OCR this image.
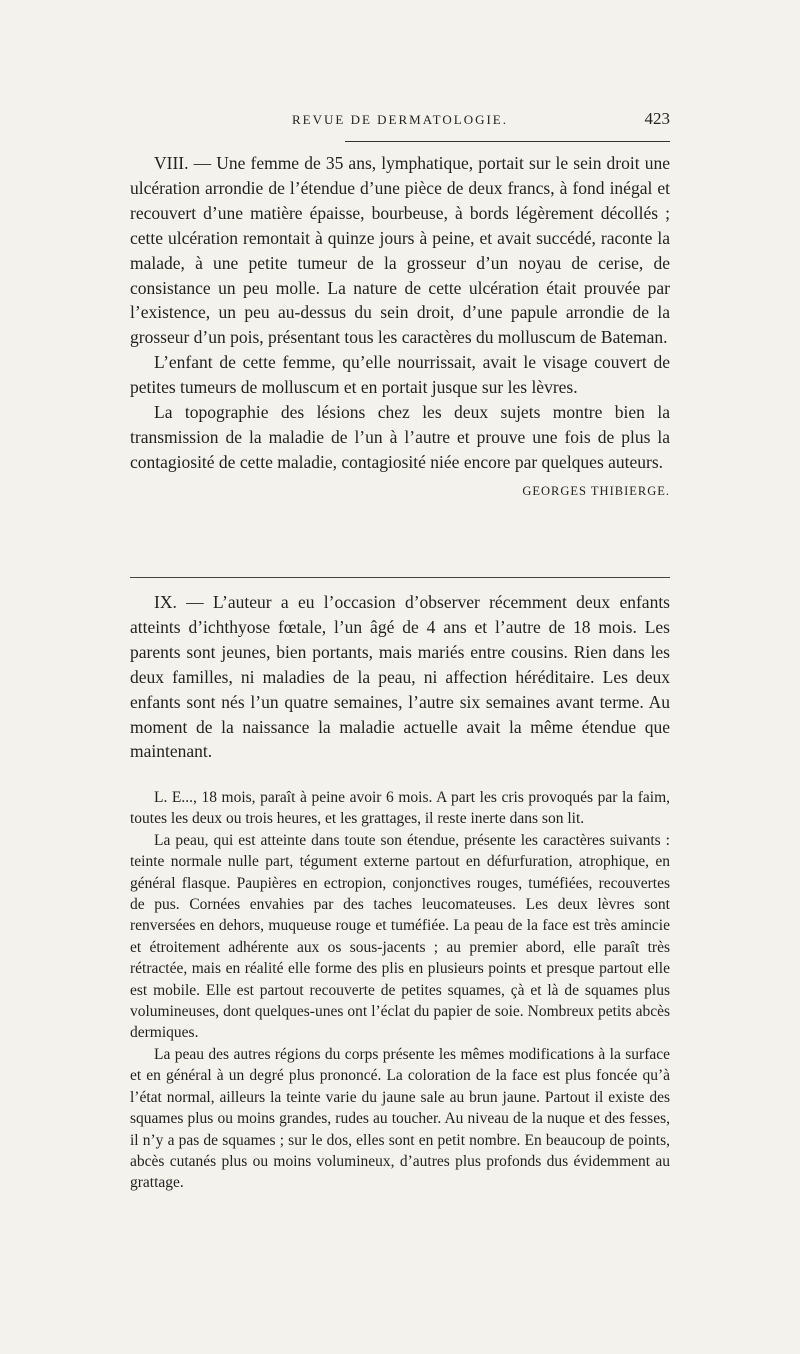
REVUE DE DERMATOLOGIE.	423

VIII. — Une femme de 35 ans, lymphatique, portait sur le sein droit une ulcération arrondie de l’étendue d’une pièce de deux francs, à fond inégal et recouvert d’une matière épaisse, bourbeuse, à bords légèrement décollés ; cette ulcération remontait à quinze jours à peine, et avait succédé, raconte la malade, à une petite tumeur de la grosseur d’un noyau de cerise, de consistance un peu molle. La nature de cette ulcération était prouvée par l’existence, un peu au-dessus du sein droit, d’une papule arrondie de la grosseur d’un pois, présentant tous les caractères du molluscum de Bateman.

L’enfant de cette femme, qu’elle nourrissait, avait le visage couvert de petites tumeurs de molluscum et en portait jusque sur les lèvres.

La topographie des lésions chez les deux sujets montre bien la transmission de la maladie de l’un à l’autre et prouve une fois de plus la contagiosité de cette maladie, contagiosité niée encore par quelques auteurs.
GEORGES THIBIERGE.

IX. — L’auteur a eu l’occasion d’observer récemment deux enfants atteints d’ichthyose fœtale, l’un âgé de 4 ans et l’autre de 18 mois. Les parents sont jeunes, bien portants, mais mariés entre cousins. Rien dans les deux familles, ni maladies de la peau, ni affection héréditaire. Les deux enfants sont nés l’un quatre semaines, l’autre six semaines avant terme. Au moment de la naissance la maladie actuelle avait la même étendue que maintenant.

L. E..., 18 mois, paraît à peine avoir 6 mois. A part les cris provoqués par la faim, toutes les deux ou trois heures, et les grattages, il reste inerte dans son lit.

La peau, qui est atteinte dans toute son étendue, présente les caractères suivants : teinte normale nulle part, tégument externe partout en défurfuration, atrophique, en général flasque. Paupières en ectropion, conjonctives rouges, tuméfiées, recouvertes de pus. Cornées envahies par des taches leucomateuses. Les deux lèvres sont renversées en dehors, muqueuse rouge et tuméfiée. La peau de la face est très amincie et étroitement adhérente aux os sous-jacents ; au premier abord, elle paraît très rétractée, mais en réalité elle forme des plis en plusieurs points et presque partout elle est mobile. Elle est partout recouverte de petites squames, çà et là de squames plus volumineuses, dont quelques-unes ont l’éclat du papier de soie. Nombreux petits abcès dermiques.

La peau des autres régions du corps présente les mêmes modifications à la surface et en général à un degré plus prononcé. La coloration de la face est plus foncée qu’à l’état normal, ailleurs la teinte varie du jaune sale au brun jaune. Partout il existe des squames plus ou moins grandes, rudes au toucher. Au niveau de la nuque et des fesses, il n’y a pas de squames ; sur le dos, elles sont en petit nombre. En beaucoup de points, abcès cutanés plus ou moins volumineux, d’autres plus profonds dus évidemment au grattage.
